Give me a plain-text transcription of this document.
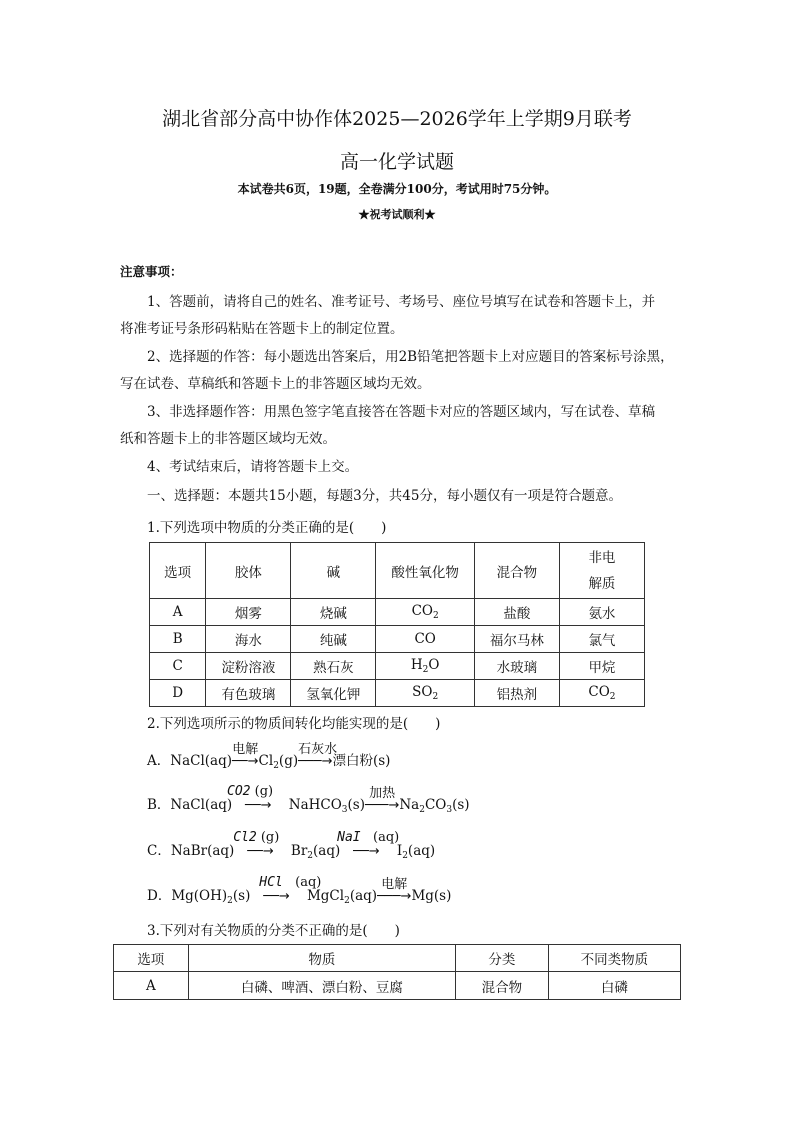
湖北省部分高中协作体2025—2026学年上学期9月联考
高一化学试题
本试卷共6页，19题，全卷满分100分，考试用时75分钟。
★祝考试顺利★
注意事项：
1、答题前，请将自己的姓名、准考证号、考场号、座位号填写在试卷和答题卡上，并
将准考证号条形码粘贴在答题卡上的制定位置。
2、选择题的作答：每小题选出答案后，用2B铅笔把答题卡上对应题目的答案标号涂黑，
写在试卷、草稿纸和答题卡上的非答题区域均无效。
3、非选择题作答：用黑色签字笔直接答在答题卡对应的答题区域内，写在试卷、草稿
纸和答题卡上的非答题区域均无效。
4、考试结束后，请将答题卡上交。
一、选择题：本题共15小题，每题3分，共45分，每小题仅有一项是符合题意。
1.下列选项中物质的分类正确的是(　　)
选项	胶体	碱	酸性氧化物	混合物	非电
解质
A	烟雾	烧碱	$CO_2$	盐酸	氨水
B	海水	纯碱	CO	福尔马林	氯气
C	淀粉溶液	熟石灰	$H_2O$	水玻璃	甲烷
D	有色玻璃	氢氧化钾	$SO_2$	铝热剂	$CO_2$
2.下列选项所示的物质间转化均能实现的是(　　)
A．NaCl(aq)
电解
$──\to Cl_2(g)$
石灰水
───→漂白粉(s)
B．NaCl(aq)
CO2 (g)
──→ NaHCO$_3$(s)
加热
$───\to Na_2CO_3(s)$
C．NaBr(aq)
Cl2 (g)
──→ $Br_2(aq)$
NaI (aq)
──→ $I_2(aq)$
D．$Mg(OH)_2(s)$
HCl (aq)
──→ MgCl$_2$(aq)
电解
───→Mg(s)
3.下列对有关物质的分类不正确的是(　　)
选项	物质	分类	不同类物质
A	白磷、啤酒、漂白粉、豆腐	混合物	白磷
